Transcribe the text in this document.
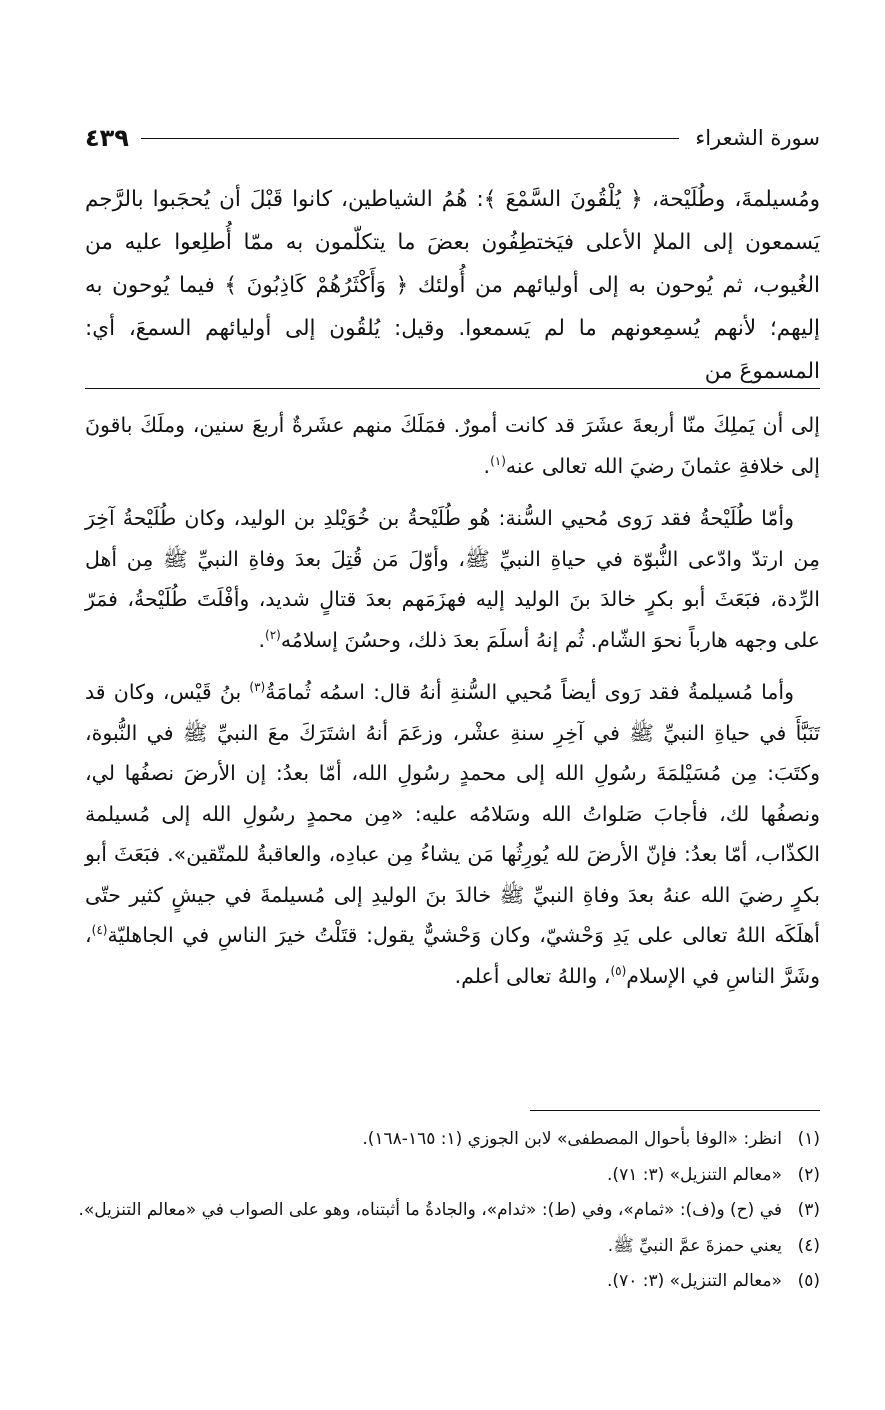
سورة الشعراء
٤٣٩
ومُسيلمةَ، وطُلَيْحة، ﴿ يُلْقُونَ السَّمْعَ ﴾: هُمُ الشياطين، كانوا قَبْلَ أن يُحجَبوا بالرَّجم يَسمعون إلى الملإ الأعلى فيَختطِفُون بعضَ ما يتكلّمون به ممّا أُطلِعوا عليه من الغُيوب، ثم يُوحون به إلى أوليائهم من أُولئك ﴿ وَأَكْثَرُهُمْ كَاذِبُونَ ﴾ فيما يُوحون به إليهم؛ لأنهم يُسمِعونهم ما لم يَسمعوا. وقيل: يُلقُون إلى أوليائهم السمعَ، أي: المسموعَ من

إلى أن يَملِكَ منّا أربعةَ عشَرَ قد كانت أمورٌ. فمَلَكَ منهم عشَرةٌ أربعَ سنين، وملَكَ باقونَ إلى خلافةِ عثمانَ رضيَ الله تعالى عنه$^{(١)}$.

وأمّا طُلَيْحةُ فقد رَوى مُحيي السُّنة: هُو طُلَيْحةُ بن خُوَيْلدِ بن الوليد، وكان طُلَيْحةُ آخِرَ مِن ارتدّ وادّعى النُّبوّة في حياةِ النبيِّ ﷺ، وأوّلَ مَن قُتِلَ بعدَ وفاةِ النبيِّ ﷺ مِن أهل الرِّدة، فبَعَثَ أبو بكرٍ خالدَ بنَ الوليد إليه فهزَمَهم بعدَ قتالٍ شديد، وأفْلَتَ طُلَيْحةُ، فمَرّ على وجهه هارباً نحوَ الشّام. ثُم إنهُ أسلَمَ بعدَ ذلك، وحسُنَ إسلامُه$^{(٢)}$.

وأما مُسيلمةُ فقد رَوى أيضاً مُحيي السُّنةِ أنهُ قال: اسمُه ثُمامَةُ$^{(٣)}$ بنُ قَيْس، وكان قد تَنَبَّأَ في حياةِ النبيِّ ﷺ في آخِرِ سنةِ عشْر، وزعَمَ أنهُ اشتَرَكَ معَ النبيِّ ﷺ في النُّبوة، وكتَبَ: مِن مُسَيْلمَةَ رسُولِ الله إلى محمدٍ رسُولِ الله، أمّا بعدُ: إن الأرضَ نصفُها لي، ونصفُها لك، فأجابَ صَلواتُ الله وسَلامُه عليه: «مِن محمدٍ رسُولِ الله إلى مُسيلمة الكذّاب، أمّا بعدُ: فإنّ الأرضَ لله يُورِثُها مَن يشاءُ مِن عبادِه، والعاقبةُ للمتّقين». فبَعَثَ أبو بكرٍ رضيَ الله عنهُ بعدَ وفاةِ النبيِّ ﷺ خالدَ بنَ الوليدِ إلى مُسيلمةَ في جيشٍ كثير حتّى أهلَكَه اللهُ تعالى على يَدِ وَحْشيّ، وكان وَحْشيٌّ يقول: قتَلْتُ خيرَ الناسِ في الجاهليّة$^{(٤)}$، وشَرَّ الناسِ في الإسلام$^{(٥)}$، واللهُ تعالى أعلم.

(١)
انظر: «الوفا بأحوال المصطفى» لابن الجوزي (١: ١٦٥-١٦٨).
(٢)
«معالم التنزيل» (٣: ٧١).
(٣)
في (ح) و(ف): «ثمام»، وفي (ط): «ثدام»، والجادةُ ما أثبتناه، وهو على الصواب في «معالم التنزيل».
(٤)
يعني حمزةَ عمَّ النبيِّ ﷺ.
(٥)
«معالم التنزيل» (٣: ٧٠).
